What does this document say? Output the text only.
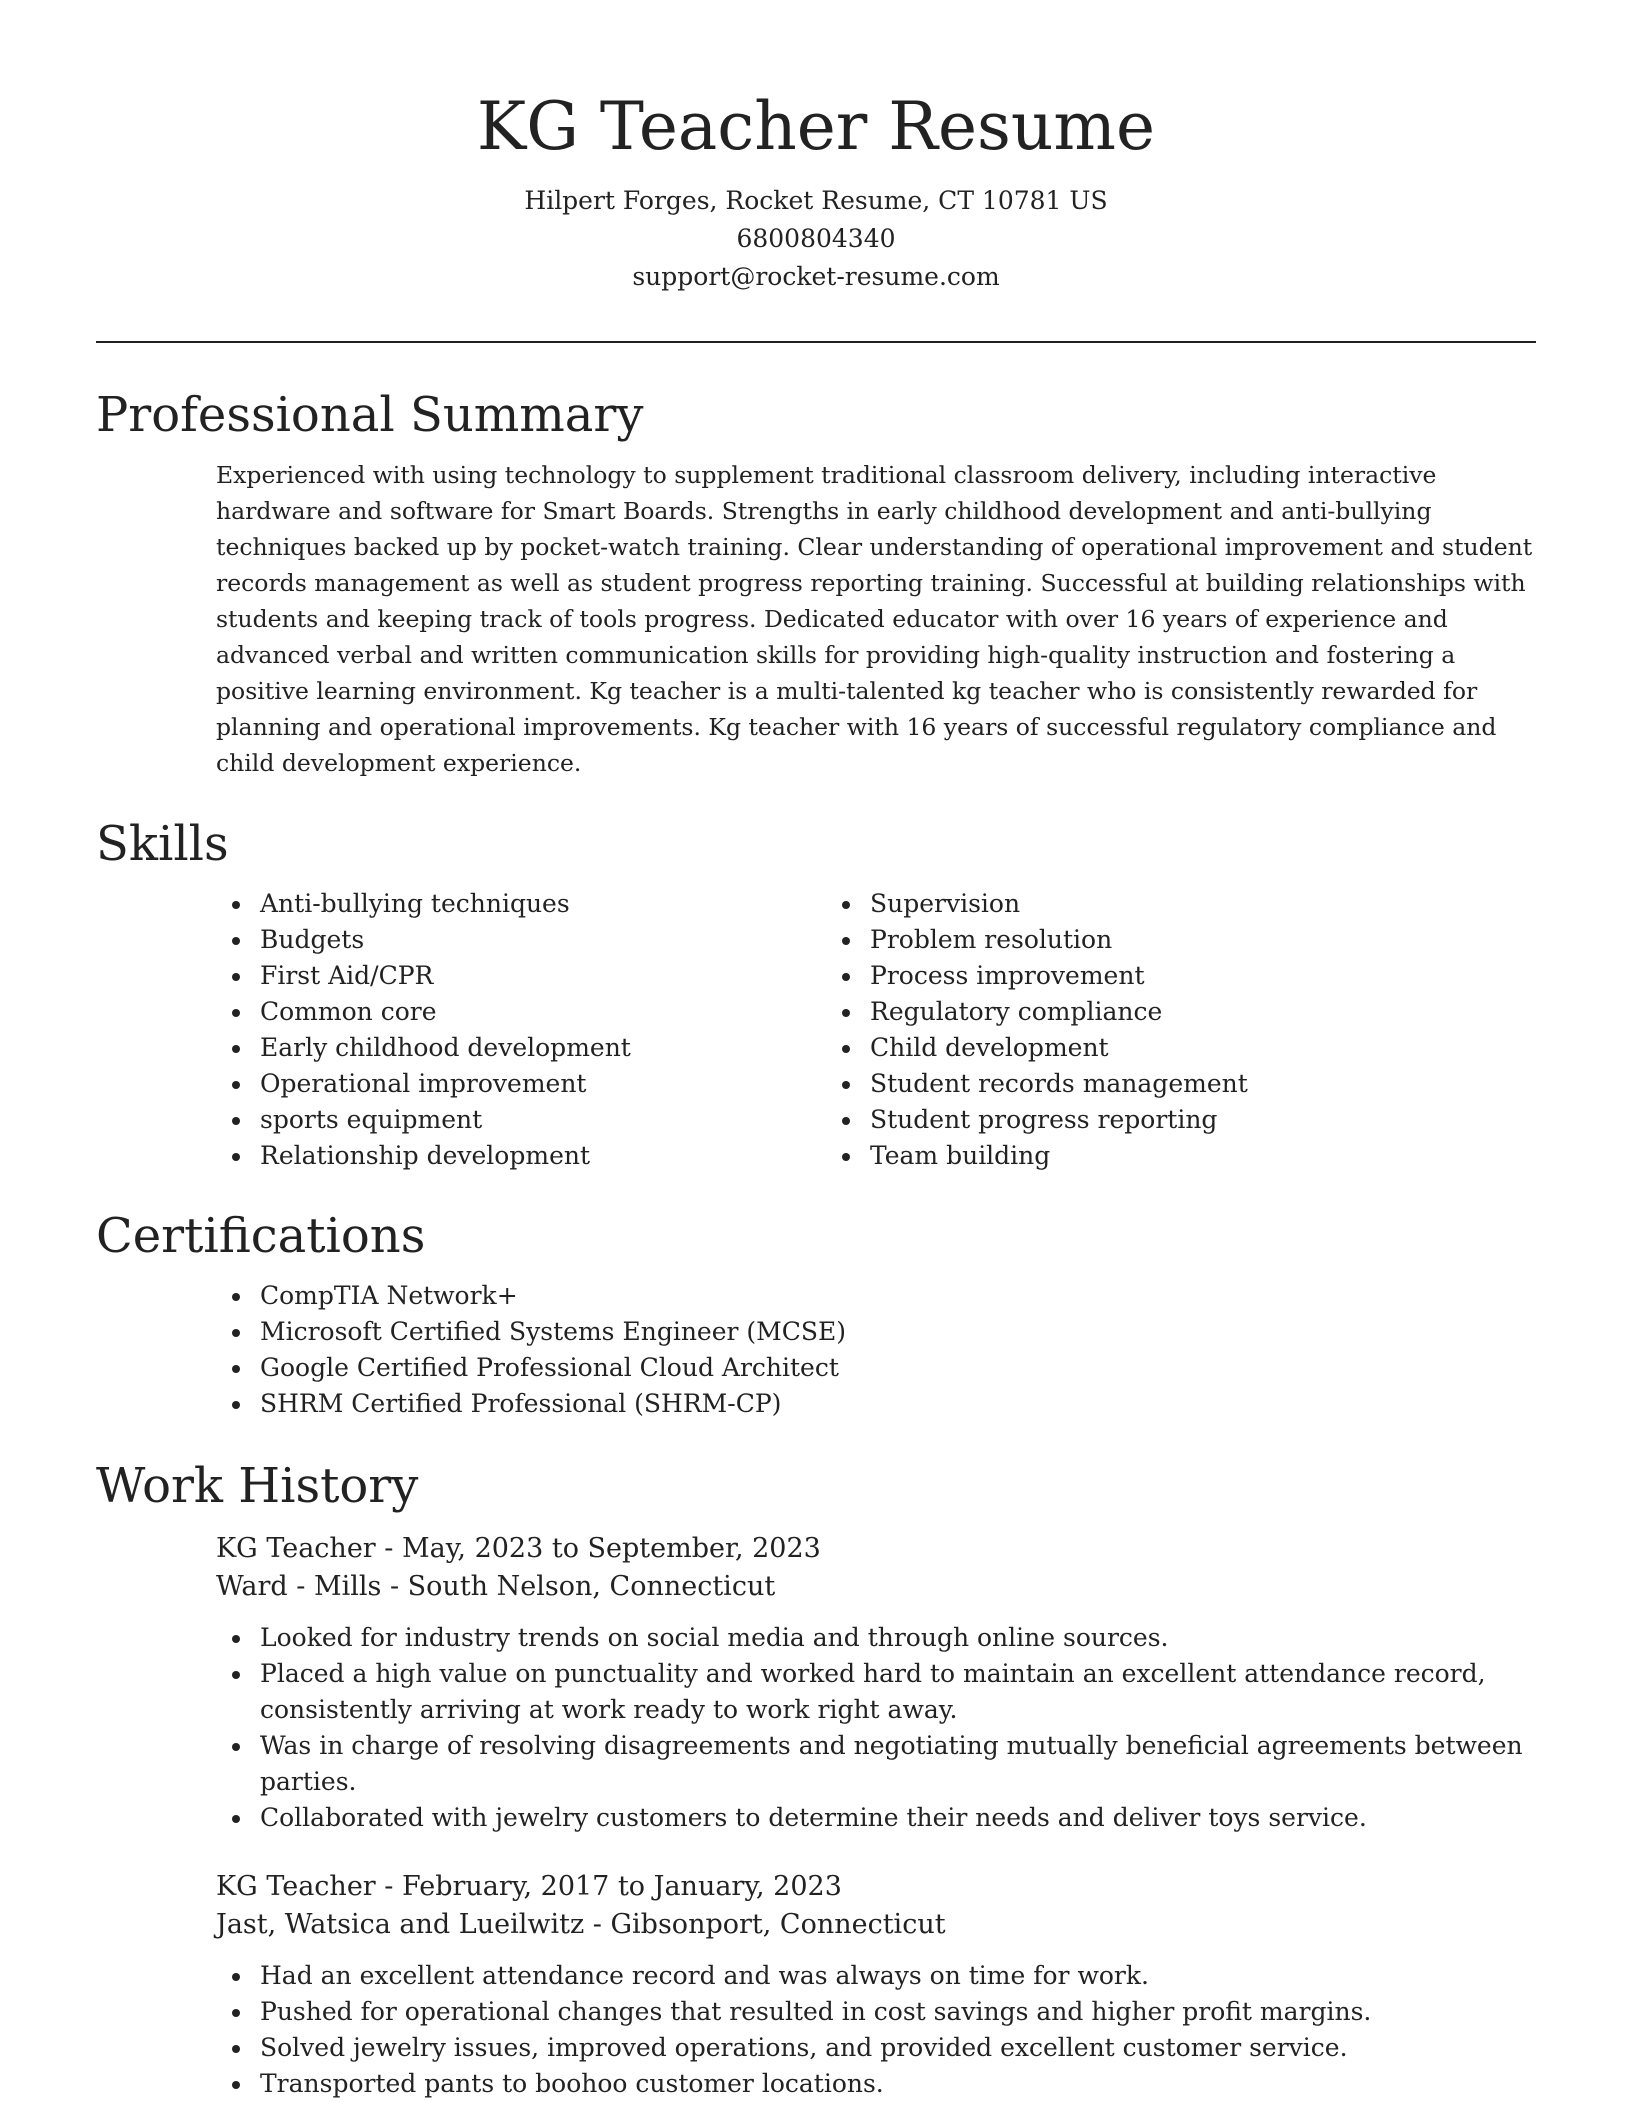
KG Teacher Resume
Hilpert Forges, Rocket Resume, CT 10781 US
6800804340
support@rocket-resume.com
Professional Summary
Experienced with using technology to supplement traditional classroom delivery, including interactive hardware and software for Smart Boards. Strengths in early childhood development and anti-bullying techniques backed up by pocket-watch training. Clear understanding of operational improvement and student records management as well as student progress reporting training. Successful at building relationships with students and keeping track of tools progress. Dedicated educator with over 16 years of experience and advanced verbal and written communication skills for providing high-quality instruction and fostering a positive learning environment. Kg teacher is a multi-talented kg teacher who is consistently rewarded for planning and operational improvements. Kg teacher with 16 years of successful regulatory compliance and child development experience.
Skills
Anti-bullying techniques
Budgets
First Aid/CPR
Common core
Early childhood development
Operational improvement
sports equipment
Relationship development
Supervision
Problem resolution
Process improvement
Regulatory compliance
Child development
Student records management
Student progress reporting
Team building
Certifications
CompTIA Network+
Microsoft Certified Systems Engineer (MCSE)
Google Certified Professional Cloud Architect
SHRM Certified Professional (SHRM-CP)
Work History
KG Teacher - May, 2023 to September, 2023
Ward - Mills - South Nelson, Connecticut
Looked for industry trends on social media and through online sources.
Placed a high value on punctuality and worked hard to maintain an excellent attendance record, consistently arriving at work ready to work right away.
Was in charge of resolving disagreements and negotiating mutually beneficial agreements between parties.
Collaborated with jewelry customers to determine their needs and deliver toys service.
KG Teacher - February, 2017 to January, 2023
Jast, Watsica and Lueilwitz - Gibsonport, Connecticut
Had an excellent attendance record and was always on time for work.
Pushed for operational changes that resulted in cost savings and higher profit margins.
Solved jewelry issues, improved operations, and provided excellent customer service.
Transported pants to boohoo customer locations.
